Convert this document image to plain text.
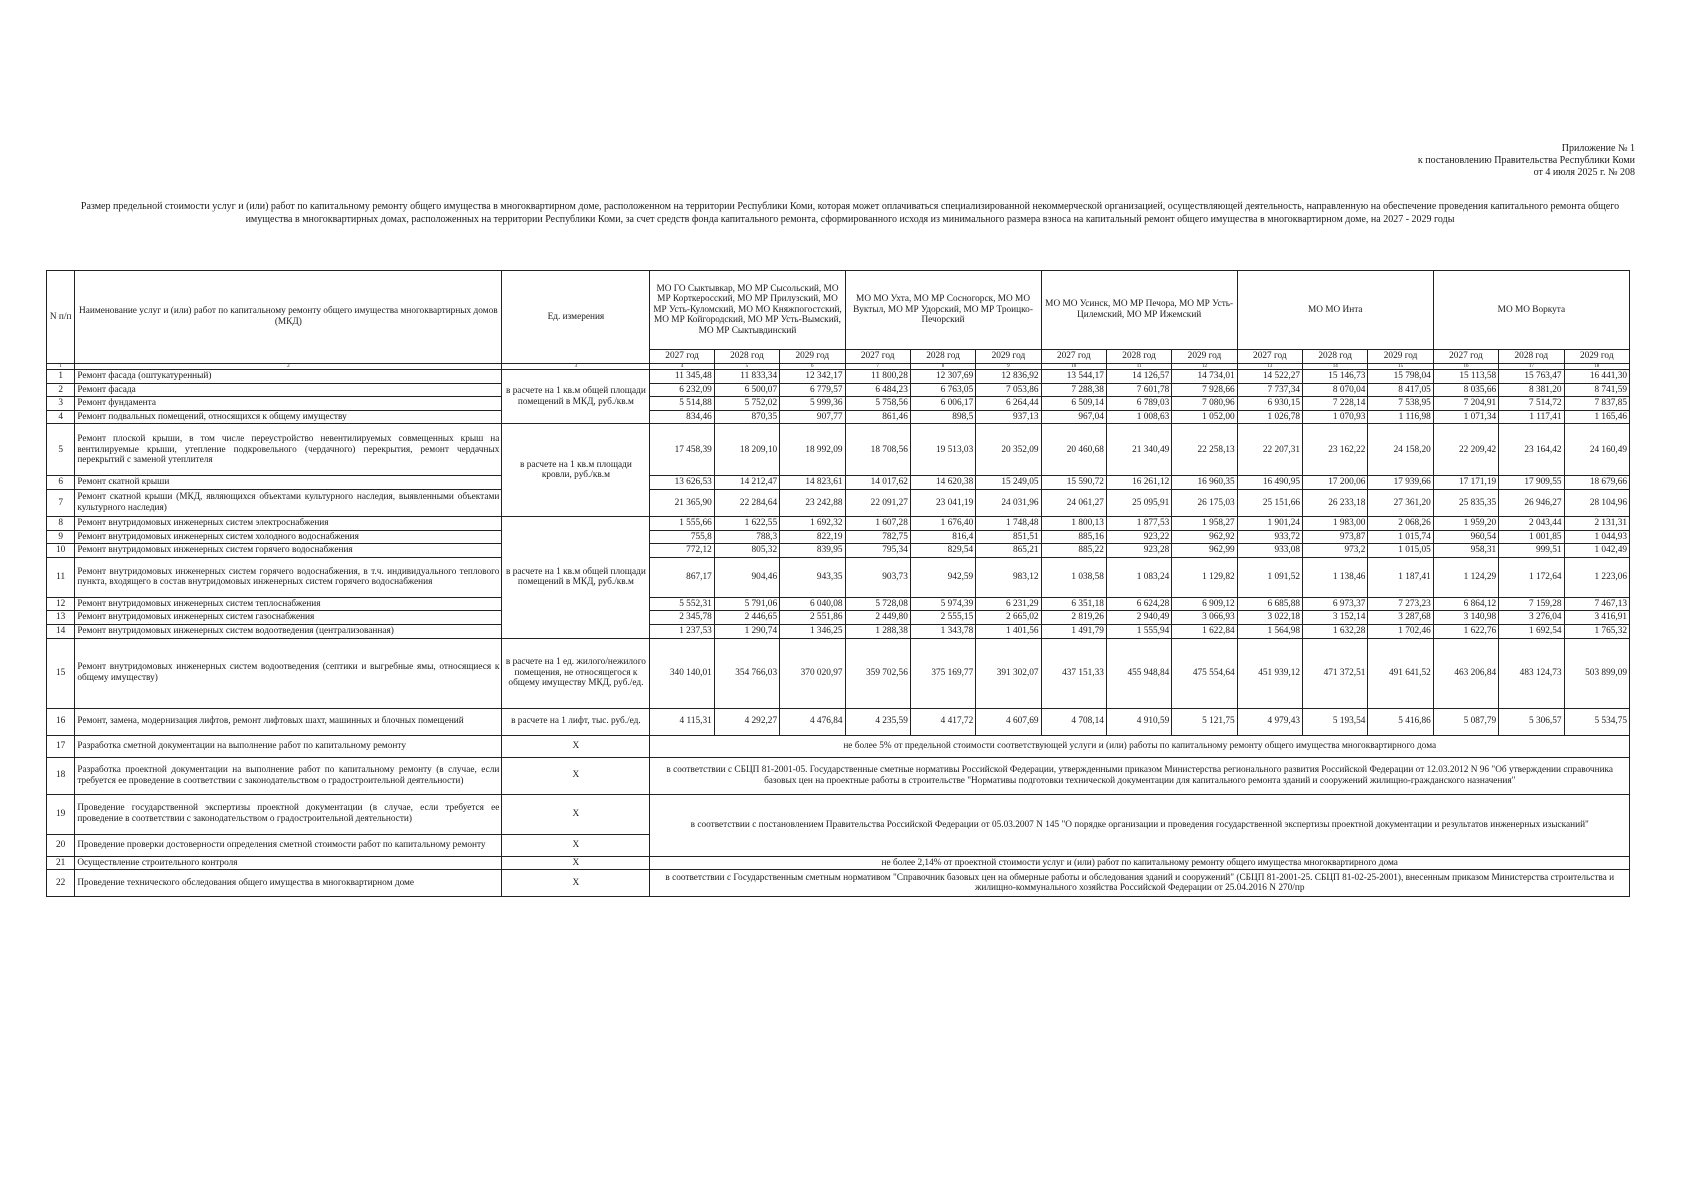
Приложение № 1
к постановлению Правительства Республики Коми
от 4 июля 2025 г. № 208
Размер предельной стоимости услуг и (или) работ по капитальному ремонту общего имущества в многоквартирном доме, расположенном на территории Республики Коми, которая может оплачиваться специализированной некоммерческой организацией, осуществляющей деятельность, направленную на обеспечение проведения капитального ремонта общего имущества в многоквартирных домах, расположенных на территории Республики Коми, за счет средств фонда капитального ремонта, сформированного исходя из минимального размера взноса на капитальный ремонт общего имущества в многоквартирном доме, на 2027 - 2029 годы
N п/п	Наименование услуг и (или) работ по капитальному ремонту общего имущества многоквартирных домов (МКД)	Ед. измерения	МО ГО Сыктывкар, МО МР Сысольский, МО МР Корткеросский, МО МР Прилузский, МО МР Усть-Куломский, МО МО Княжпогостский, МО МР Койгородский, МО МР Усть-Вымский, МО МР Сыктывдинский			МО МО Ухта, МО МР Сосногорск, МО МО Вуктыл, МО МР Удорский, МО МР Троицко-Печорский			МО МО Усинск, МО МР Печора, МО МР Усть-Цилемский, МО МР Ижемский			МО МО Инта			МО МО Воркута		
			2027 год	2028 год	2029 год	2027 год	2028 год	2029 год	2027 год	2028 год	2029 год	2027 год	2028 год	2029 год	2027 год	2028 год	2029 год
1	2	3	4	5	6	7	8	9	10	11	12	13	14	15	16	17	18
1	Ремонт фасада (оштукатуренный)	в расчете на 1 кв.м общей площади помещений в МКД, руб./кв.м	11 345,48	11 833,34	12 342,17	11 800,28	12 307,69	12 836,92	13 544,17	14 126,57	14 734,01	14 522,27	15 146,73	15 798,04	15 113,58	15 763,47	16 441,30
2	Ремонт фасада		6 232,09	6 500,07	6 779,57	6 484,23	6 763,05	7 053,86	7 288,38	7 601,78	7 928,66	7 737,34	8 070,04	8 417,05	8 035,66	8 381,20	8 741,59
3	Ремонт фундамента		5 514,88	5 752,02	5 999,36	5 758,56	6 006,17	6 264,44	6 509,14	6 789,03	7 080,96	6 930,15	7 228,14	7 538,95	7 204,91	7 514,72	7 837,85
4	Ремонт подвальных помещений, относящихся к общему имуществу		834,46	870,35	907,77	861,46	898,5	937,13	967,04	1 008,63	1 052,00	1 026,78	1 070,93	1 116,98	1 071,34	1 117,41	1 165,46
5	Ремонт плоской крыши, в том числе переустройство невентилируемых совмещенных крыш на вентилируемые крыши, утепление подкровельного (чердачного) перекрытия, ремонт чердачных перекрытий с заменой утеплителя	в расчете на 1 кв.м площади кровли, руб./кв.м	17 458,39	18 209,10	18 992,09	18 708,56	19 513,03	20 352,09	20 460,68	21 340,49	22 258,13	22 207,31	23 162,22	24 158,20	22 209,42	23 164,42	24 160,49
6	Ремонт скатной крыши		13 626,53	14 212,47	14 823,61	14 017,62	14 620,38	15 249,05	15 590,72	16 261,12	16 960,35	16 490,95	17 200,06	17 939,66	17 171,19	17 909,55	18 679,66
7	Ремонт скатной крыши (МКД, являющихся объектами культурного наследия, выявленными объектами культурного наследия)		21 365,90	22 284,64	23 242,88	22 091,27	23 041,19	24 031,96	24 061,27	25 095,91	26 175,03	25 151,66	26 233,18	27 361,20	25 835,35	26 946,27	28 104,96
8	Ремонт внутридомовых инженерных систем электроснабжения	в расчете на 1 кв.м общей площади помещений в МКД, руб./кв.м	1 555,66	1 622,55	1 692,32	1 607,28	1 676,40	1 748,48	1 800,13	1 877,53	1 958,27	1 901,24	1 983,00	2 068,26	1 959,20	2 043,44	2 131,31
9	Ремонт внутридомовых инженерных систем холодного водоснабжения		755,8	788,3	822,19	782,75	816,4	851,51	885,16	923,22	962,92	933,72	973,87	1 015,74	960,54	1 001,85	1 044,93
10	Ремонт внутридомовых инженерных систем горячего водоснабжения		772,12	805,32	839,95	795,34	829,54	865,21	885,22	923,28	962,99	933,08	973,2	1 015,05	958,31	999,51	1 042,49
11	Ремонт внутридомовых инженерных систем горячего водоснабжения, в т.ч. индивидуального теплового пункта, входящего в состав внутридомовых инженерных систем горячего водоснабжения		867,17	904,46	943,35	903,73	942,59	983,12	1 038,58	1 083,24	1 129,82	1 091,52	1 138,46	1 187,41	1 124,29	1 172,64	1 223,06
12	Ремонт внутридомовых инженерных систем теплоснабжения		5 552,31	5 791,06	6 040,08	5 728,08	5 974,39	6 231,29	6 351,18	6 624,28	6 909,12	6 685,88	6 973,37	7 273,23	6 864,12	7 159,28	7 467,13
13	Ремонт внутридомовых инженерных систем газоснабжения		2 345,78	2 446,65	2 551,86	2 449,80	2 555,15	2 665,02	2 819,26	2 940,49	3 066,93	3 022,18	3 152,14	3 287,68	3 140,98	3 276,04	3 416,91
14	Ремонт внутридомовых инженерных систем водоотведения (централизованная)		1 237,53	1 290,74	1 346,25	1 288,38	1 343,78	1 401,56	1 491,79	1 555,94	1 622,84	1 564,98	1 632,28	1 702,46	1 622,76	1 692,54	1 765,32
15	Ремонт внутридомовых инженерных систем водоотведения (септики и выгребные ямы, относящиеся к общему имуществу)	в расчете на 1 ед. жилого/нежилого помещения, не относящегося к общему имуществу МКД, руб./ед.	340 140,01	354 766,03	370 020,97	359 702,56	375 169,77	391 302,07	437 151,33	455 948,84	475 554,64	451 939,12	471 372,51	491 641,52	463 206,84	483 124,73	503 899,09
16	Ремонт, замена, модернизация лифтов, ремонт лифтовых шахт, машинных и блочных помещений	в расчете на 1 лифт, тыс. руб./ед.	4 115,31	4 292,27	4 476,84	4 235,59	4 417,72	4 607,69	4 708,14	4 910,59	5 121,75	4 979,43	5 193,54	5 416,86	5 087,79	5 306,57	5 534,75
17	Разработка сметной документации на выполнение работ по капитальному ремонту	X	не более 5% от предельной стоимости соответствующей услуги и (или) работы по капитальному ремонту общего имущества многоквартирного дома														
18	Разработка проектной документации на выполнение работ по капитальному ремонту (в случае, если требуется ее проведение в соответствии с законодательством о градостроительной деятельности)	X	в соответствии с СБЦП 81-2001-05. Государственные сметные нормативы Российской Федерации, утвержденными приказом Министерства регионального развития Российской Федерации от 12.03.2012 N 96 "Об утверждении справочника базовых цен на проектные работы в строительстве "Нормативы подготовки технической документации для капитального ремонта зданий и сооружений жилищно-гражданского назначения"														
19	Проведение государственной экспертизы проектной документации (в случае, если требуется ее проведение в соответствии с законодательством о градостроительной деятельности)	X	в соответствии с постановлением Правительства Российской Федерации от 05.03.2007 N 145 "О порядке организации и проведения государственной экспертизы проектной документации и результатов инженерных изысканий"														
20	Проведение проверки достоверности определения сметной стоимости работ по капитальному ремонту	X															
21	Осуществление строительного контроля	X	не более 2,14% от проектной стоимости услуг и (или) работ по капитальному ремонту общего имущества многоквартирного дома														
22	Проведение технического обследования общего имущества в многоквартирном доме	X	в соответствии с Государственным сметным нормативом "Справочник базовых цен на обмерные работы и обследования зданий и сооружений" (СБЦП 81-2001-25. СБЦП 81-02-25-2001), внесенным приказом Министерства строительства и жилищно-коммунального хозяйства Российской Федерации от 25.04.2016 N 270/пр														
